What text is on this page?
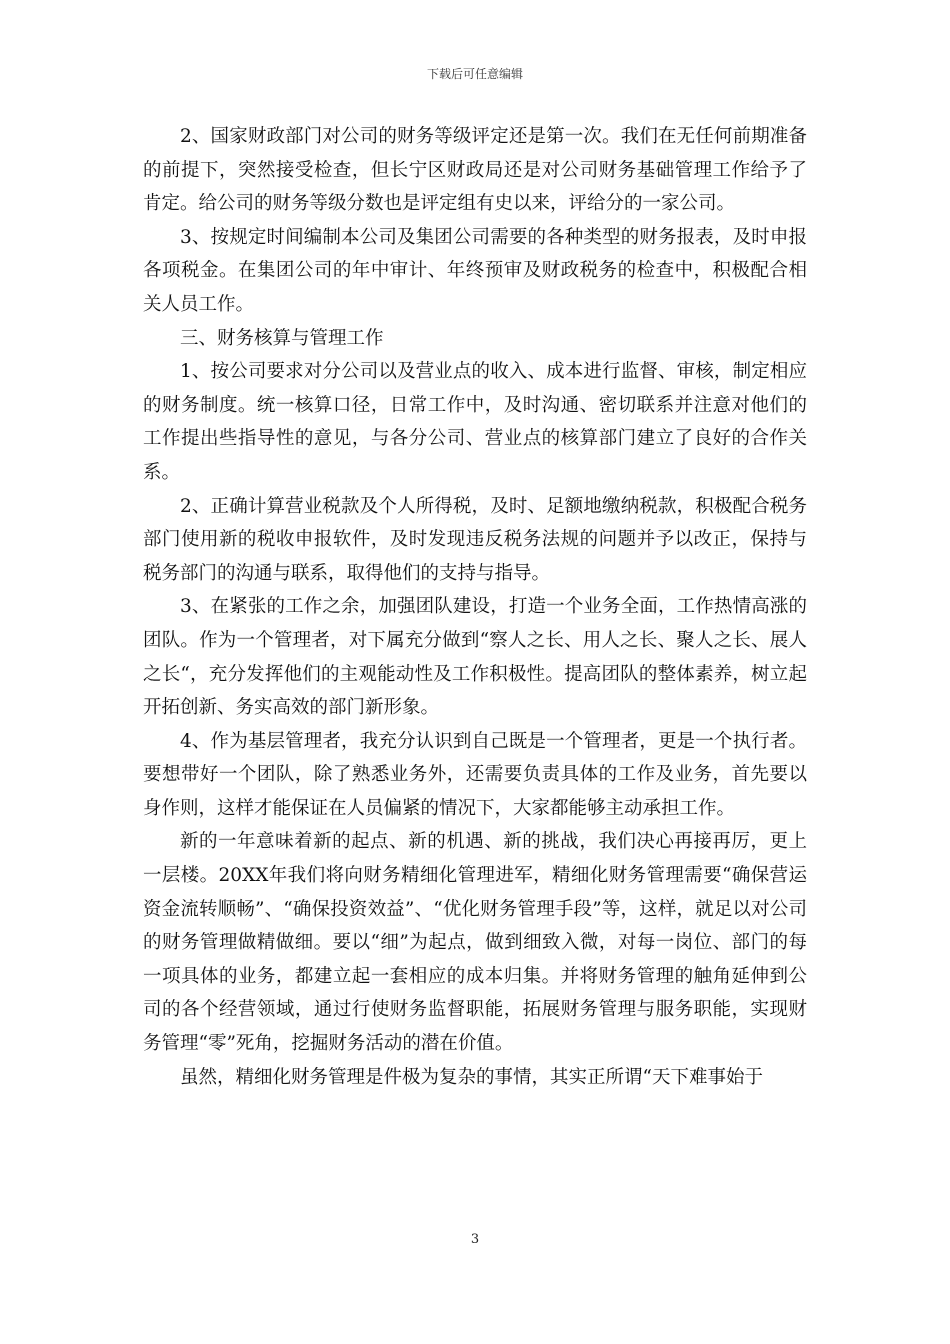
下载后可任意编辑

2、国家财政部门对公司的财务等级评定还是第一次。我们在无任何前期准备的前提下，突然接受检查，但长宁区财政局还是对公司财务基础管理工作给予了肯定。给公司的财务等级分数也是评定组有史以来，评给分的一家公司。

3、按规定时间编制本公司及集团公司需要的各种类型的财务报表，及时申报各项税金。在集团公司的年中审计、年终预审及财政税务的检查中，积极配合相关人员工作。

三、财务核算与管理工作

1、按公司要求对分公司以及营业点的收入、成本进行监督、审核，制定相应的财务制度。统一核算口径，日常工作中，及时沟通、密切联系并注意对他们的工作提出些指导性的意见，与各分公司、营业点的核算部门建立了良好的合作关系。

2、正确计算营业税款及个人所得税，及时、足额地缴纳税款，积极配合税务部门使用新的税收申报软件，及时发现违反税务法规的问题并予以改正，保持与税务部门的沟通与联系，取得他们的支持与指导。

3、在紧张的工作之余，加强团队建设，打造一个业务全面，工作热情高涨的团队。作为一个管理者，对下属充分做到“察人之长、用人之长、聚人之长、展人之长“，充分发挥他们的主观能动性及工作积极性。提高团队的整体素养，树立起开拓创新、务实高效的部门新形象。

4、作为基层管理者，我充分认识到自己既是一个管理者，更是一个执行者。要想带好一个团队，除了熟悉业务外，还需要负责具体的工作及业务，首先要以身作则，这样才能保证在人员偏紧的情况下，大家都能够主动承担工作。

新的一年意味着新的起点、新的机遇、新的挑战，我们决心再接再厉，更上一层楼。20XX年我们将向财务精细化管理进军，精细化财务管理需要“确保营运资金流转顺畅”、“确保投资效益”、“优化财务管理手段”等，这样，就足以对公司的财务管理做精做细。要以“细”为起点，做到细致入微，对每一岗位、部门的每一项具体的业务，都建立起一套相应的成本归集。并将财务管理的触角延伸到公司的各个经营领域，通过行使财务监督职能，拓展财务管理与服务职能，实现财务管理“零”死角，挖掘财务活动的潜在价值。

虽然，精细化财务管理是件极为复杂的事情，其实正所谓“天下难事始于

3
